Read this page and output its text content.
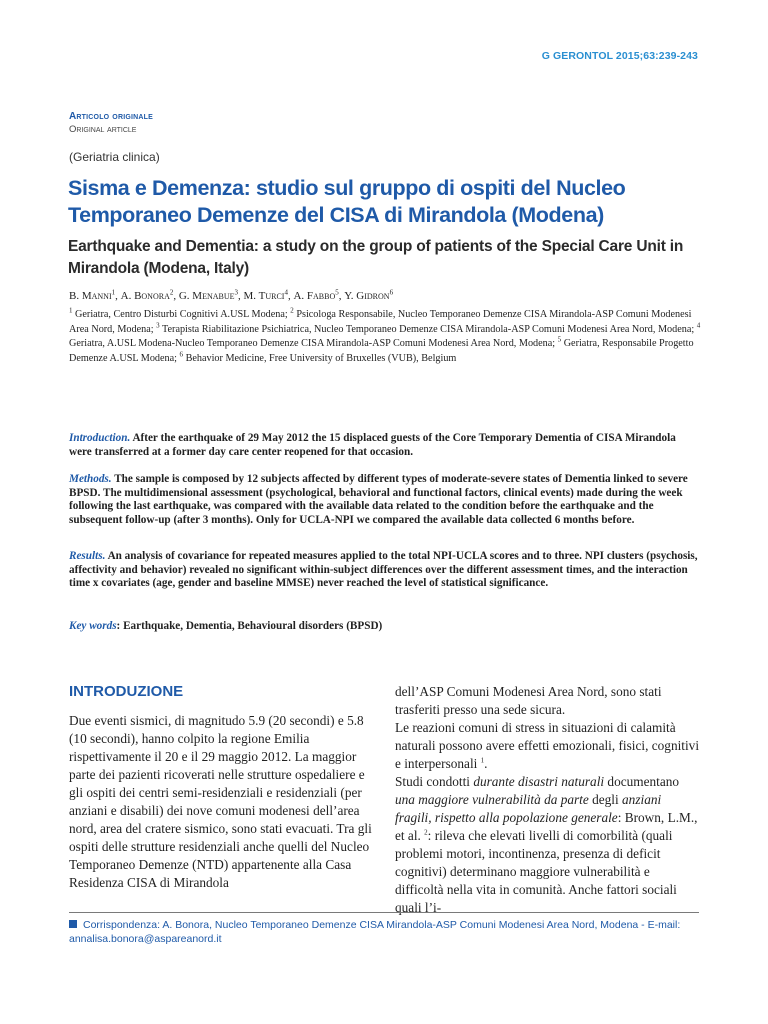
G GERONTOL 2015;63:239-243
Articolo originale
Original article
(Geriatria clinica)
Sisma e Demenza: studio sul gruppo di ospiti del Nucleo Temporaneo Demenze del CISA di Mirandola (Modena)
Earthquake and Dementia: a study on the group of patients of the Special Care Unit in Mirandola (Modena, Italy)
B. Manni$^1$, A. Bonora$^2$, G. Menabue$^3$, M. Turci$^4$, A. Fabbo$^5$, Y. Gidron$^6$
$^1$ Geriatra, Centro Disturbi Cognitivi A.USL Modena; $^2$ Psicologa Responsabile, Nucleo Temporaneo Demenze CISA Mirandola-ASP Comuni Modenesi Area Nord, Modena; $^3$ Terapista Riabilitazione Psichiatrica, Nucleo Temporaneo Demenze CISA Mirandola-ASP Comuni Modenesi Area Nord, Modena; $^4$ Geriatra, A.USL Modena-Nucleo Temporaneo Demenze CISA Mirandola-ASP Comuni Modenesi Area Nord, Modena; $^5$ Geriatra, Responsabile Progetto Demenze A.USL Modena; $^6$ Behavior Medicine, Free University of Bruxelles (VUB), Belgium
Introduction. After the earthquake of 29 May 2012 the 15 displaced guests of the Core Temporary Dementia of CISA Mirandola were transferred at a former day care center reopened for that occasion.
Methods. The sample is composed by 12 subjects affected by different types of moderate-severe states of Dementia linked to severe BPSD. The multidimensional assessment (psychological, behavioral and functional factors, clinical events) made during the week following the last earthquake, was compared with the available data related to the condition before the earthquake and the subsequent follow-up (after 3 months). Only for UCLA-NPI we compared the available data collected 6 months before.
Results. An analysis of covariance for repeated measures applied to the total NPI-UCLA scores and to three. NPI clusters (psychosis, affectivity and behavior) revealed no significant within-subject differences over the different assessment times, and the interaction time x covariates (age, gender and baseline MMSE) never reached the level of statistical significance.
Key words: Earthquake, Dementia, Behavioural disorders (BPSD)
INTRODUZIONE

Due eventi sismici, di magnitudo 5.9 (20 secondi) e 5.8 (10 secondi), hanno colpito la regione Emilia rispettivamente il 20 e il 29 maggio 2012. La maggior parte dei pazienti ricoverati nelle strutture ospedaliere e gli ospiti dei centri semi-residenziali e residenziali (per anziani e disabili) dei nove comuni modenesi dell’area nord, area del cratere sismico, sono stati evacuati. Tra gli ospiti delle strutture residenziali anche quelli del Nucleo Temporaneo Demenze (NTD) appartenente alla Casa Residenza CISA di Mirandola

dell’ASP Comuni Modenesi Area Nord, sono stati trasferiti presso una sede sicura.

Le reazioni comuni di stress in situazioni di calamità naturali possono avere effetti emozionali, fisici, cognitivi e interpersonali $^1$.

Studi condotti durante disastri naturali documentano una maggiore vulnerabilità da parte degli anziani fragili, rispetto alla popolazione generale: Brown, L.M., et al. $^2$: rileva che elevati livelli di comorbilità (quali problemi motori, incontinenza, presenza di deficit cognitivi) determinano maggiore vulnerabilità e difficoltà nella vita in comunità. Anche fattori sociali quali l’i-

Corrispondenza: A. Bonora, Nucleo Temporaneo Demenze CISA Mirandola-ASP Comuni Modenesi Area Nord, Modena - E-mail: annalisa.bonora@aspareanord.it
